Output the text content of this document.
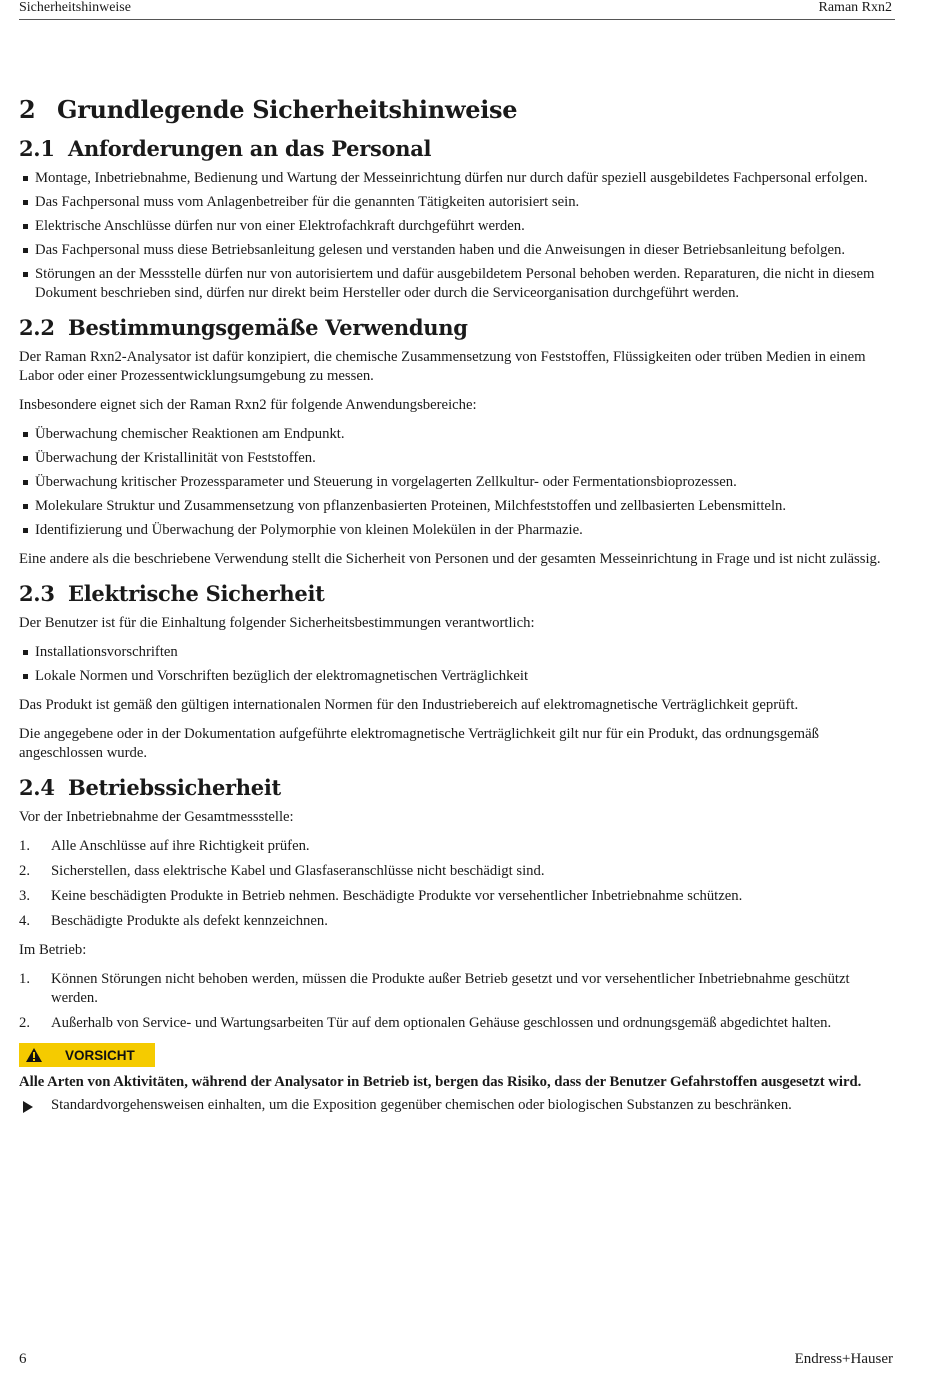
Sicherheitshinweise	Raman Rxn2
2 Grundlegende Sicherheitshinweise
2.1 Anforderungen an das Personal
Montage, Inbetriebnahme, Bedienung und Wartung der Messeinrichtung dürfen nur durch dafür speziell ausgebildetes Fachpersonal erfolgen.
Das Fachpersonal muss vom Anlagenbetreiber für die genannten Tätigkeiten autorisiert sein.
Elektrische Anschlüsse dürfen nur von einer Elektrofachkraft durchgeführt werden.
Das Fachpersonal muss diese Betriebsanleitung gelesen und verstanden haben und die Anweisungen in dieser Betriebsanleitung befolgen.
Störungen an der Messstelle dürfen nur von autorisiertem und dafür ausgebildetem Personal behoben werden. Reparaturen, die nicht in diesem Dokument beschrieben sind, dürfen nur direkt beim Hersteller oder durch die Serviceorganisation durchgeführt werden.
2.2 Bestimmungsgemäße Verwendung

Der Raman Rxn2-Analysator ist dafür konzipiert, die chemische Zusammensetzung von Feststoffen, Flüssigkeiten oder trüben Medien in einem Labor oder einer Prozessentwicklungsumgebung zu messen.

Insbesondere eignet sich der Raman Rxn2 für folgende Anwendungsbereiche:

Überwachung chemischer Reaktionen am Endpunkt.
Überwachung der Kristallinität von Feststoffen.
Überwachung kritischer Prozessparameter und Steuerung in vorgelagerten Zellkultur- oder Fermentationsbioprozessen.
Molekulare Struktur und Zusammensetzung von pflanzenbasierten Proteinen, Milchfeststoffen und zellbasierten Lebensmitteln.
Identifizierung und Überwachung der Polymorphie von kleinen Molekülen in der Pharmazie.

Eine andere als die beschriebene Verwendung stellt die Sicherheit von Personen und der gesamten Messeinrichtung in Frage und ist nicht zulässig.

2.3 Elektrische Sicherheit

Der Benutzer ist für die Einhaltung folgender Sicherheitsbestimmungen verantwortlich:

Installationsvorschriften
Lokale Normen und Vorschriften bezüglich der elektromagnetischen Verträglichkeit

Das Produkt ist gemäß den gültigen internationalen Normen für den Industriebereich auf elektromagnetische Verträglichkeit geprüft.

Die angegebene oder in der Dokumentation aufgeführte elektromagnetische Verträglichkeit gilt nur für ein Produkt, das ordnungsgemäß angeschlossen wurde.

2.4 Betriebssicherheit

Vor der Inbetriebnahme der Gesamtmessstelle:

1. Alle Anschlüsse auf ihre Richtigkeit prüfen.
2. Sicherstellen, dass elektrische Kabel und Glasfaseranschlüsse nicht beschädigt sind.
3. Keine beschädigten Produkte in Betrieb nehmen. Beschädigte Produkte vor versehentlicher Inbetriebnahme schützen.
4. Beschädigte Produkte als defekt kennzeichnen.

Im Betrieb:

1. Können Störungen nicht behoben werden, müssen die Produkte außer Betrieb gesetzt und vor versehentlicher Inbetriebnahme geschützt werden.
2. Außerhalb von Service- und Wartungsarbeiten Tür auf dem optionalen Gehäuse geschlossen und ordnungsgemäß abgedichtet halten.
VORSICHT

Alle Arten von Aktivitäten, während der Analysator in Betrieb ist, bergen das Risiko, dass der Benutzer Gefahrstoffen ausgesetzt wird.

Standardvorgehensweisen einhalten, um die Exposition gegenüber chemischen oder biologischen Substanzen zu beschränken.
6	Endress+Hauser
